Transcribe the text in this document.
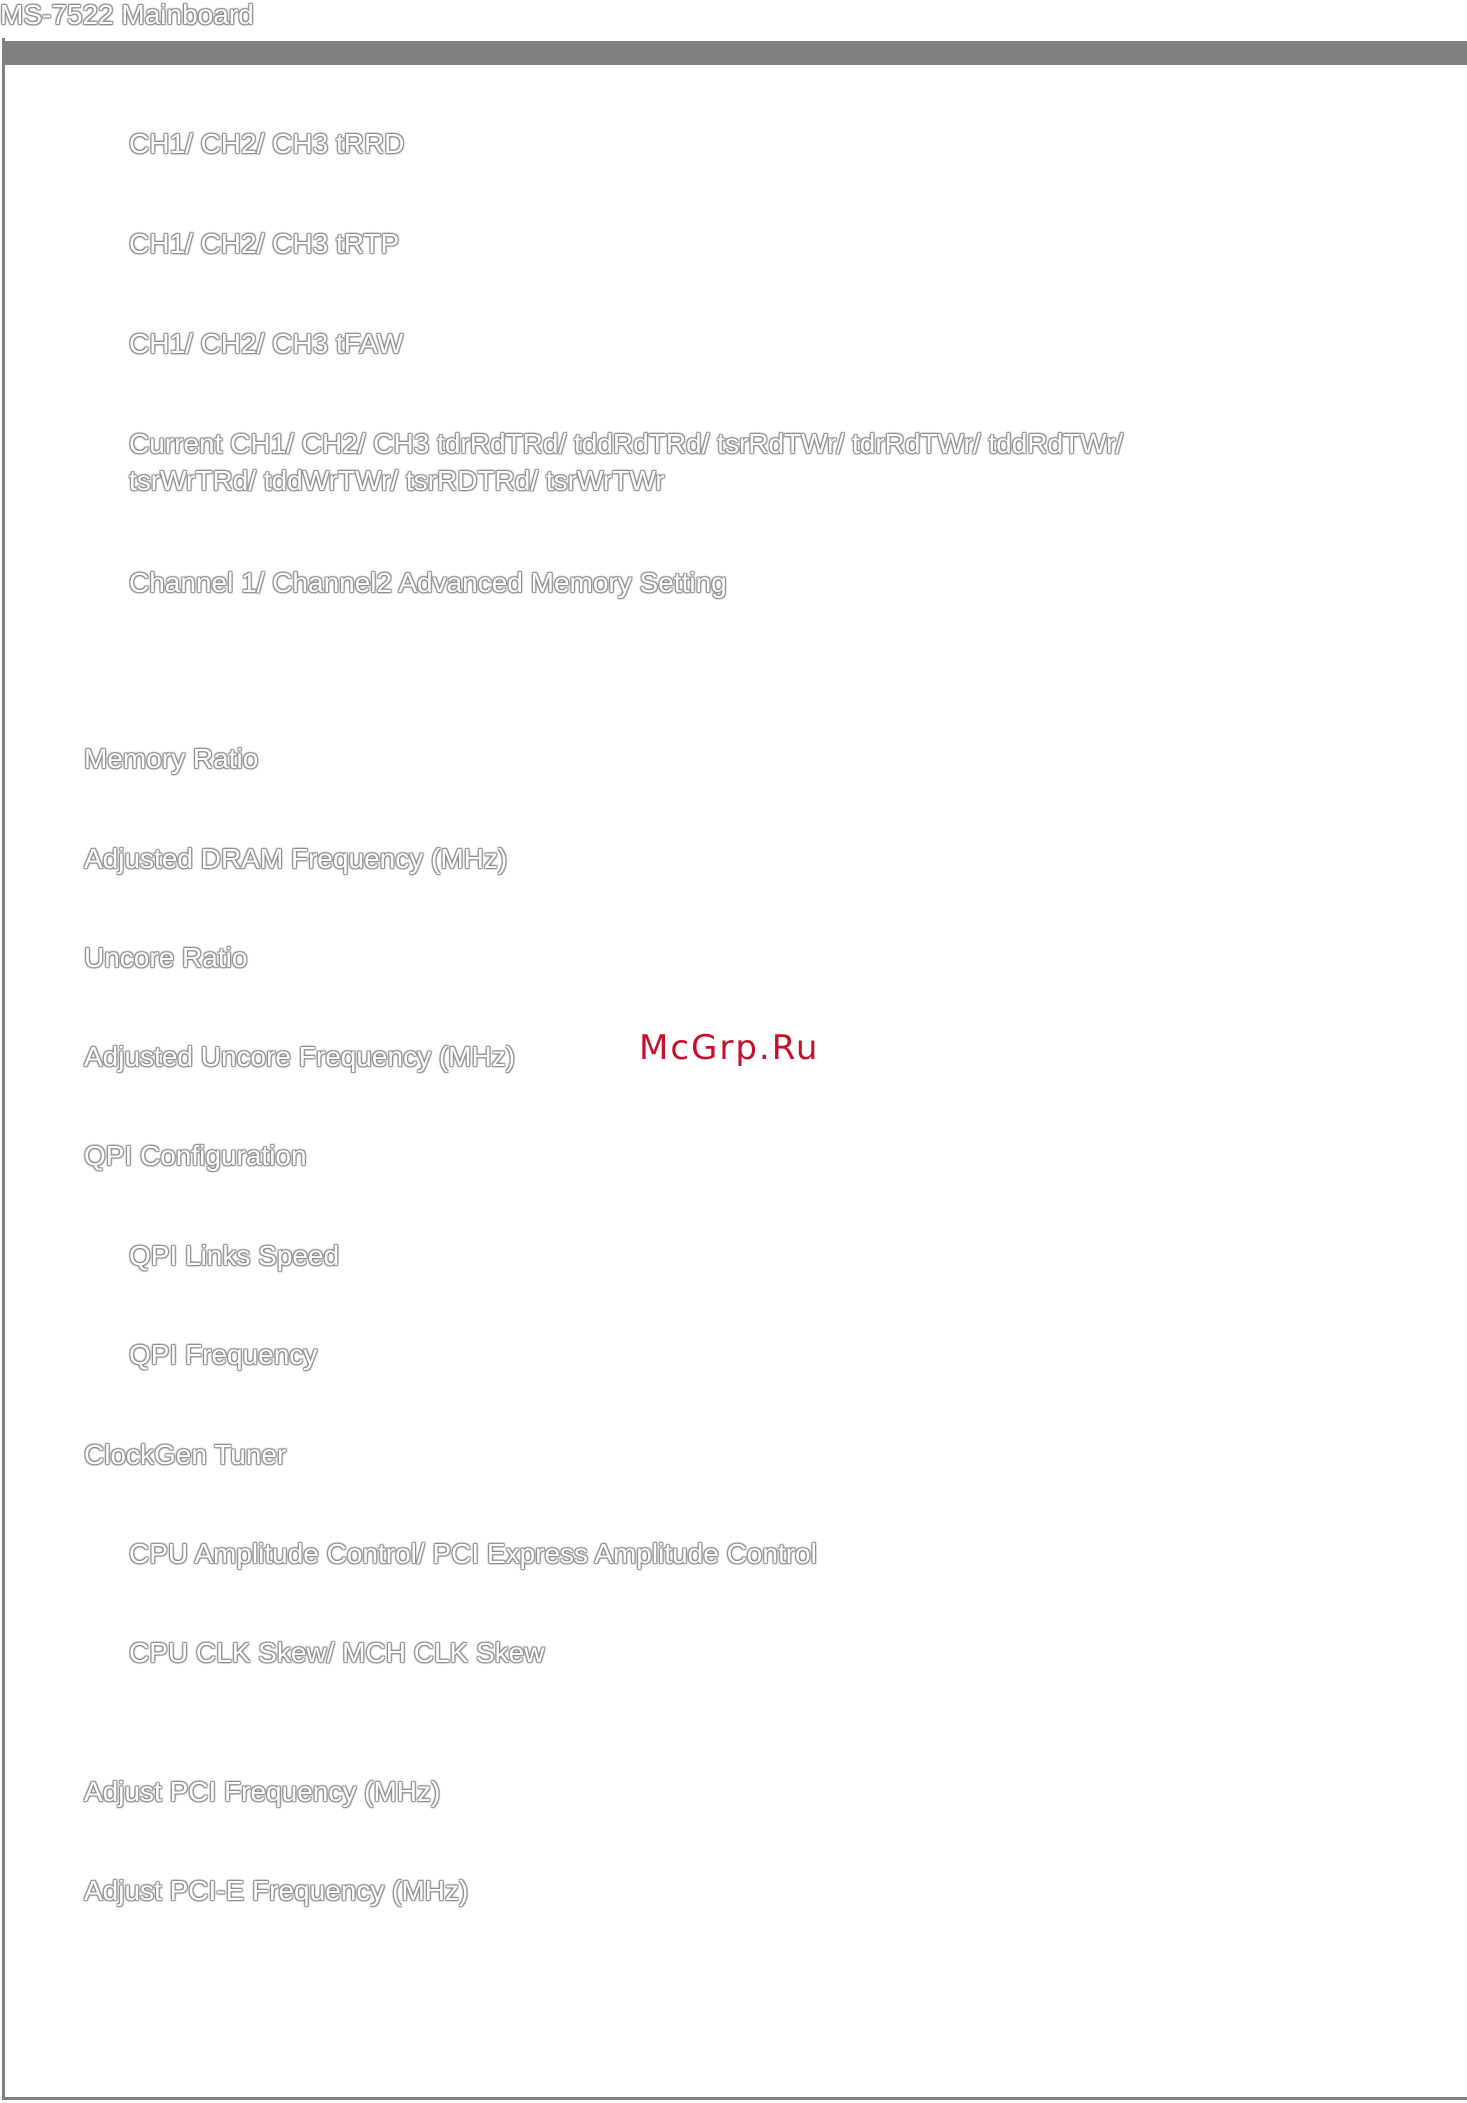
MS-7522 Mainboard
CH1/ CH2/ CH3 tRRD
CH1/ CH2/ CH3 tRTP
CH1/ CH2/ CH3 tFAW
Current CH1/ CH2/ CH3 tdrRdTRd/ tddRdTRd/ tsrRdTWr/ tdrRdTWr/ tddRdTWr/
tsrWrTRd/ tddWrTWr/ tsrRDTRd/ tsrWrTWr
Channel 1/ Channel2 Advanced Memory Setting
Memory Ratio
Adjusted DRAM Frequency (MHz)
Uncore Ratio
Adjusted Uncore Frequency (MHz)
QPI Configuration
QPI Links Speed
QPI Frequency
ClockGen Tuner
CPU Amplitude Control/ PCI Express Amplitude Control
CPU CLK Skew/ MCH CLK Skew
Adjust PCI Frequency (MHz)
Adjust PCI-E Frequency (MHz)
McGrp.Ru
